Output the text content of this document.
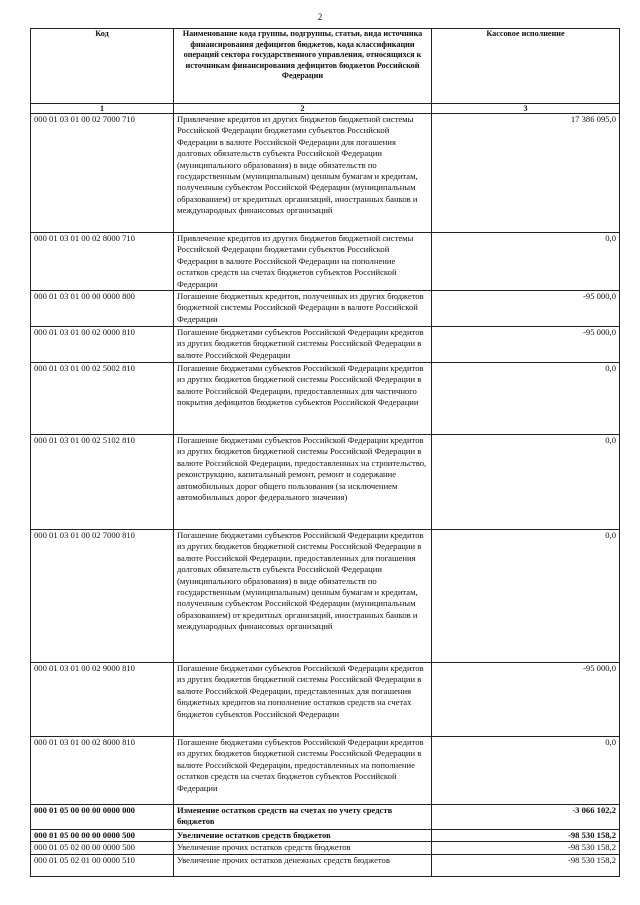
2
Код	Наименование кода группы, подгруппы, статьи, вида источника финансирования дефицитов бюджетов, кода классификации операций сектора государственного управления, относящихся к источникам финансирования дефицитов бюджетов Российской Федерации	Кассовое исполнение
1	2	3
000 01 03 01 00 02 7000 710	Привлечение кредитов из других бюджетов бюджетной системы Российской Федерации бюджетами субъектов Российской Федерации в валюте Российской Федерации для погашения долговых обязательств субъекта Российской Федерации (муниципального образования) в виде обязательств по государственным (муниципальным) ценным бумагам и кредитам, полученным субъектом Российской Федерации (муниципальным образованием) от кредитных организаций, иностранных банков и международных финансовых организаций	17 386 095,0
000 01 03 01 00 02 8000 710	Привлечение кредитов из других бюджетов бюджетной системы Российской Федерации бюджетами субъектов Российской Федерации в валюте Российской Федерации на пополнение остатков средств на счетах бюджетов субъектов Российской Федерации	0,0
000 01 03 01 00 00 0000 800	Погашение бюджетных кредитов, полученных из других бюджетов бюджетной системы Российской Федерации в валюте Российской Федерации	-95 000,0
000 01 03 01 00 02 0000 810	Погашение бюджетами субъектов Российской Федерации кредитов из других бюджетов бюджетной системы Российской Федерации в валюте Российской Федерации	-95 000,0
000 01 03 01 00 02 5002 810	Погашение бюджетами субъектов Российской Федерации кредитов из других бюджетов бюджетной системы Российской Федерации в валюте Российской Федерации, предоставленных для частичного покрытия дефицитов бюджетов субъектов Российской Федерации	0,0
000 01 03 01 00 02 5102 810	Погашение бюджетами субъектов Российской Федерации кредитов из других бюджетов бюджетной системы Российской Федерации в валюте Российской Федерации, предоставленных на строительство, реконструкцию, капитальный ремонт, ремонт и содержание автомобильных дорог общего пользования (за исключением автомобильных дорог федерального значения)	0,0
000 01 03 01 00 02 7000 810	Погашение бюджетами субъектов Российской Федерации кредитов из других бюджетов бюджетной системы Российской Федерации в валюте Российской Федерации, предоставленных для погашения долговых обязательств субъекта Российской Федерации (муниципального образования) в виде обязательств по государственным (муниципальным) ценным бумагам и кредитам, полученным субъектом Российской Федерации (муниципальным образованием) от кредитных организаций, иностранных банков и международных финансовых организаций	0,0
000 01 03 01 00 02 9000 810	Погашение бюджетами субъектов Российской Федерации кредитов из других бюджетов бюджетной системы Российской Федерации в валюте Российской Федерации, представленных для погашения бюджетных кредитов на пополнение остатков средств на счетах бюджетов субъектов Российской Федерации	-95 000,0
000 01 03 01 00 02 8000 810	Погашение бюджетами субъектов Российской Федерации кредитов из других бюджетов бюджетной системы Российской Федерации в валюте Российской Федерации, предоставленных на пополнение остатков средств на счетах бюджетов субъектов Российской Федерации	0,0
000 01 05 00 00 00 0000 000	Изменение остатков средств на счетах по учету средств бюджетов	-3 066 102,2
000 01 05 00 00 00 0000 500	Увеличение остатков средств бюджетов	-98 530 158,2
000 01 05 02 00 00 0000 500	Увеличение прочих остатков средств бюджетов	-98 530 158,2
000 01 05 02 01 00 0000 510	Увеличение прочих остатков денежных средств бюджетов	-98 530 158,2
